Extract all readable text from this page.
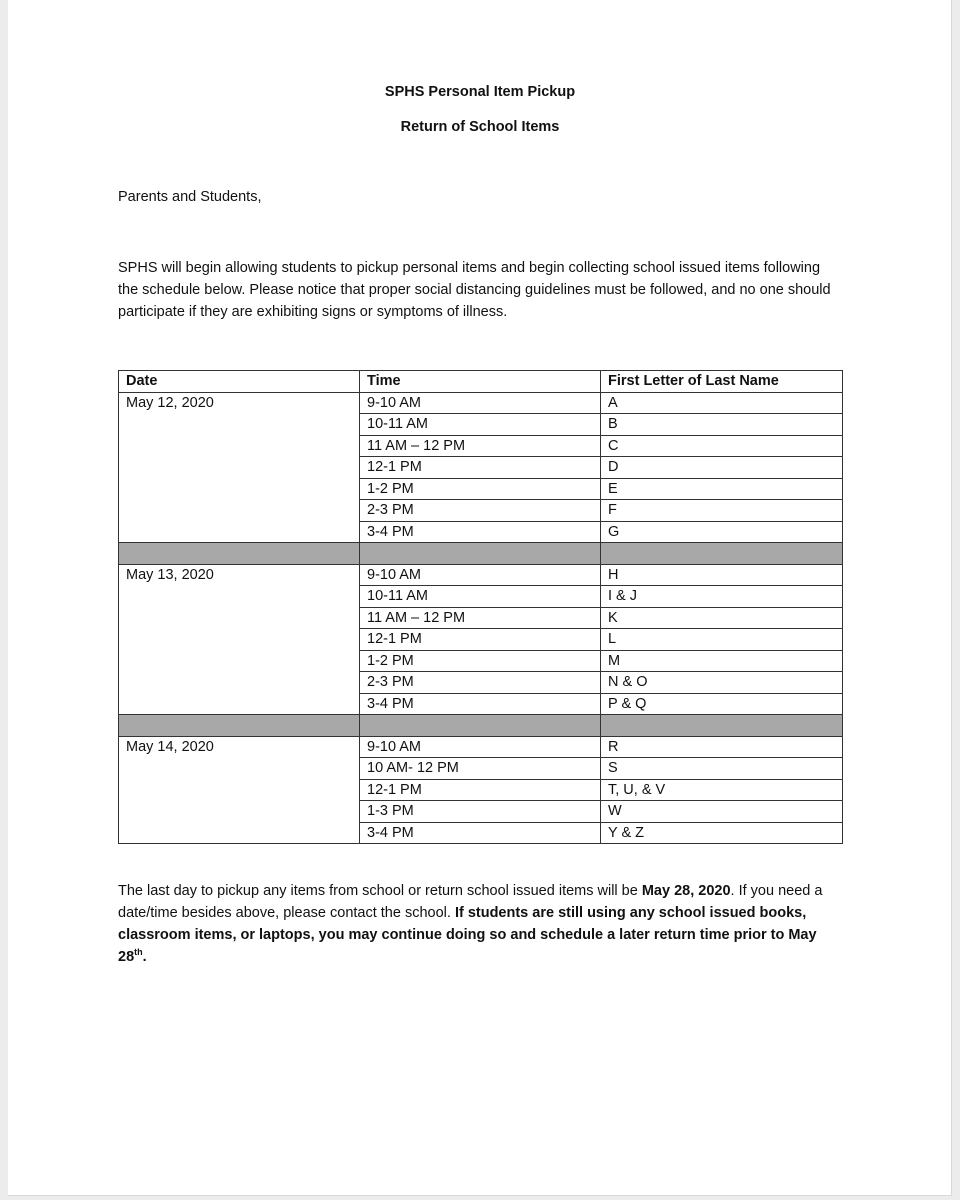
SPHS Personal Item Pickup
Return of School Items
Parents and Students,
SPHS will begin allowing students to pickup personal items and begin collecting school issued items following the schedule below. Please notice that proper social distancing guidelines must be followed, and no one should participate if they are exhibiting signs or symptoms of illness.
Date	Time	First Letter of Last Name
May 12, 2020	9-10 AM	A
	10-11 AM	B
	11 AM – 12 PM	C
	12-1 PM	D
	1-2 PM	E
	2-3 PM	F
	3-4 PM	G

May 13, 2020	9-10 AM	H
	10-11 AM	I & J
	11 AM – 12 PM	K
	12-1 PM	L
	1-2 PM	M
	2-3 PM	N & O
	3-4 PM	P & Q

May 14, 2020	9-10 AM	R
	10 AM- 12 PM	S
	12-1 PM	T, U, & V
	1-3 PM	W
	3-4 PM	Y & Z
The last day to pickup any items from school or return school issued items will be May 28, 2020. If you need a date/time besides above, please contact the school. If students are still using any school issued books, classroom items, or laptops, you may continue doing so and schedule a later return time prior to May 28th.
